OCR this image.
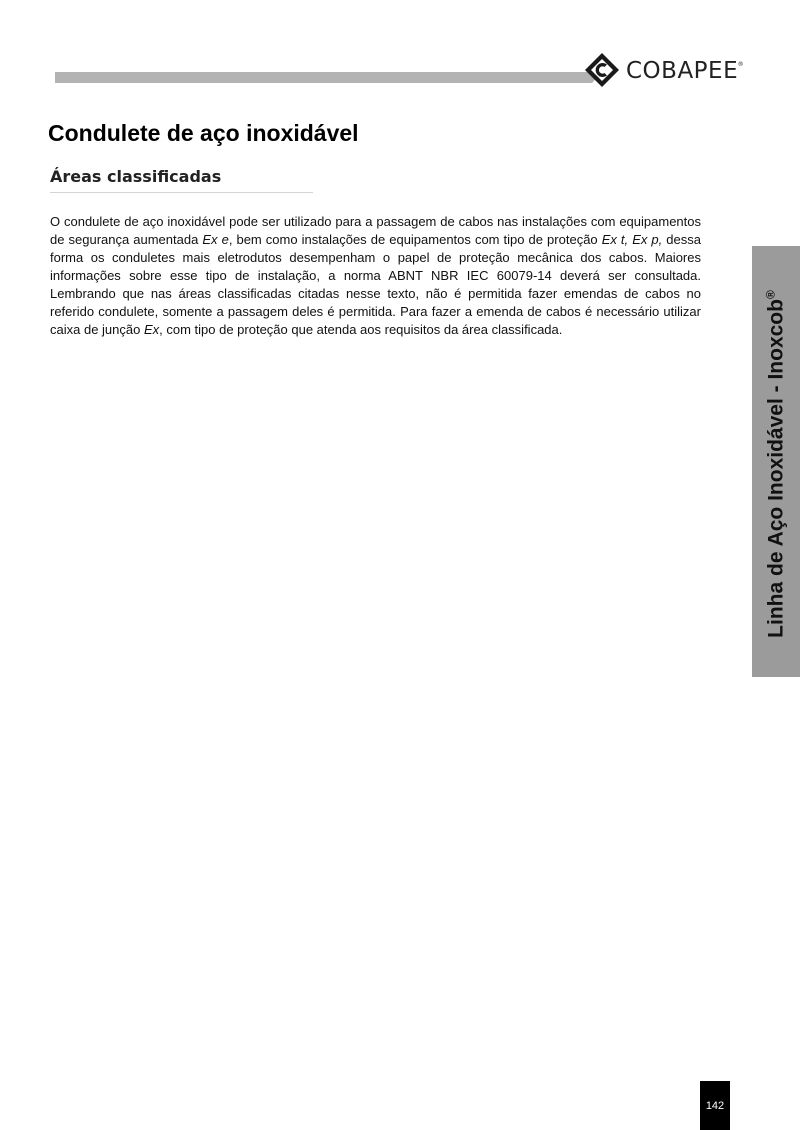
COBAPEE ®
Condulete de aço inoxidável
Áreas classificadas

O condulete de aço inoxidável pode ser utilizado para a passagem de cabos nas instalações com equipamentos de segurança aumentada Ex e, bem como instalações de equipamentos com tipo de proteção Ex t, Ex p, dessa forma os conduletes mais eletrodutos desempenham o papel de proteção mecânica dos cabos. Maiores informações sobre esse tipo de instalação, a norma ABNT NBR IEC 60079-14 deverá ser consultada. Lembrando que nas áreas classificadas citadas nesse texto, não é permitida fazer emendas de cabos no referido condulete, somente a passagem deles é permitida. Para fazer a emenda de cabos é necessário utilizar caixa de junção Ex, com tipo de proteção que atenda aos requisitos da área classificada.	Linha de Aço Inoxidável - Inoxcob®
142
